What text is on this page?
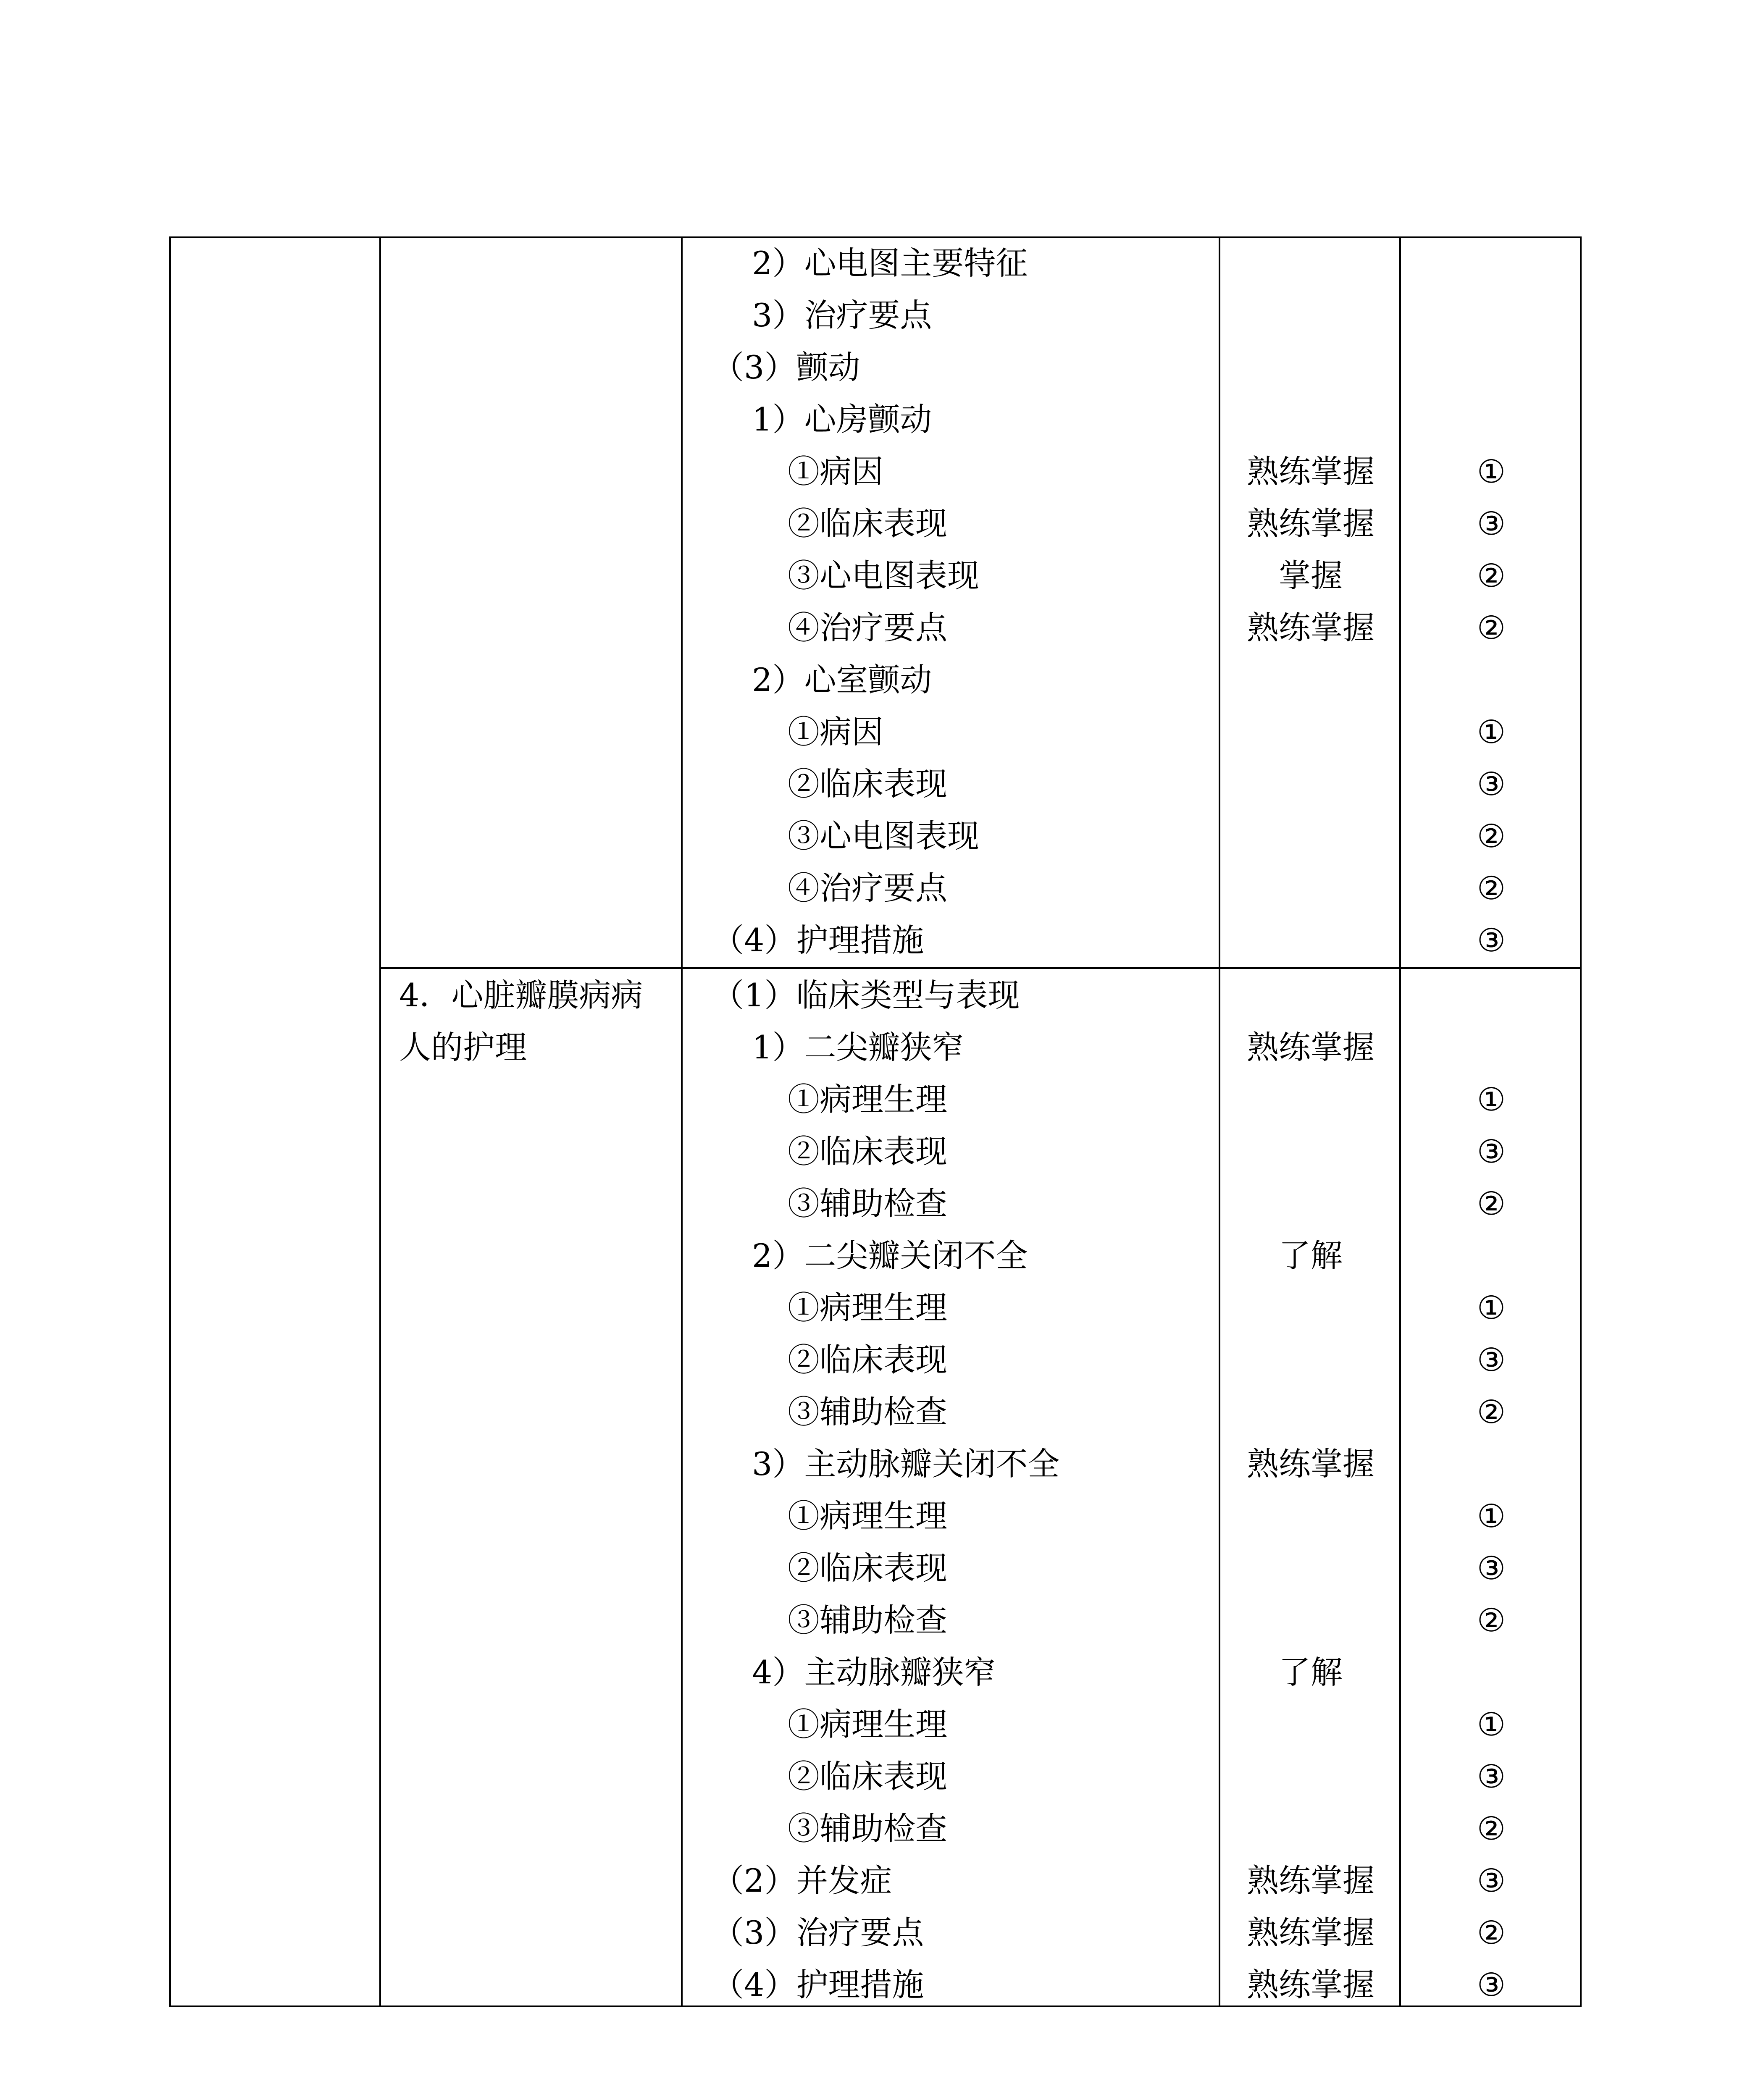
4．心脏瓣膜病病
人的护理
2）心电图主要特征
3）治疗要点
（3）颤动
1）心房颤动
①病因
②临床表现
③心电图表现
④治疗要点
2）心室颤动
①病因
②临床表现
③心电图表现
④治疗要点
（4）护理措施
熟练掌握
熟练掌握
掌握
熟练掌握
①
③
②
②
①
③
②
②
③
（1）临床类型与表现
1）二尖瓣狭窄
①病理生理
②临床表现
③辅助检查
2）二尖瓣关闭不全
①病理生理
②临床表现
③辅助检查
3）主动脉瓣关闭不全
①病理生理
②临床表现
③辅助检查
4）主动脉瓣狭窄
①病理生理
②临床表现
③辅助检查
（2）并发症
（3）治疗要点
（4）护理措施
熟练掌握
了解
熟练掌握
了解
熟练掌握
熟练掌握
熟练掌握
①
③
②
①
③
②
①
③
②
①
③
②
③
②
③
